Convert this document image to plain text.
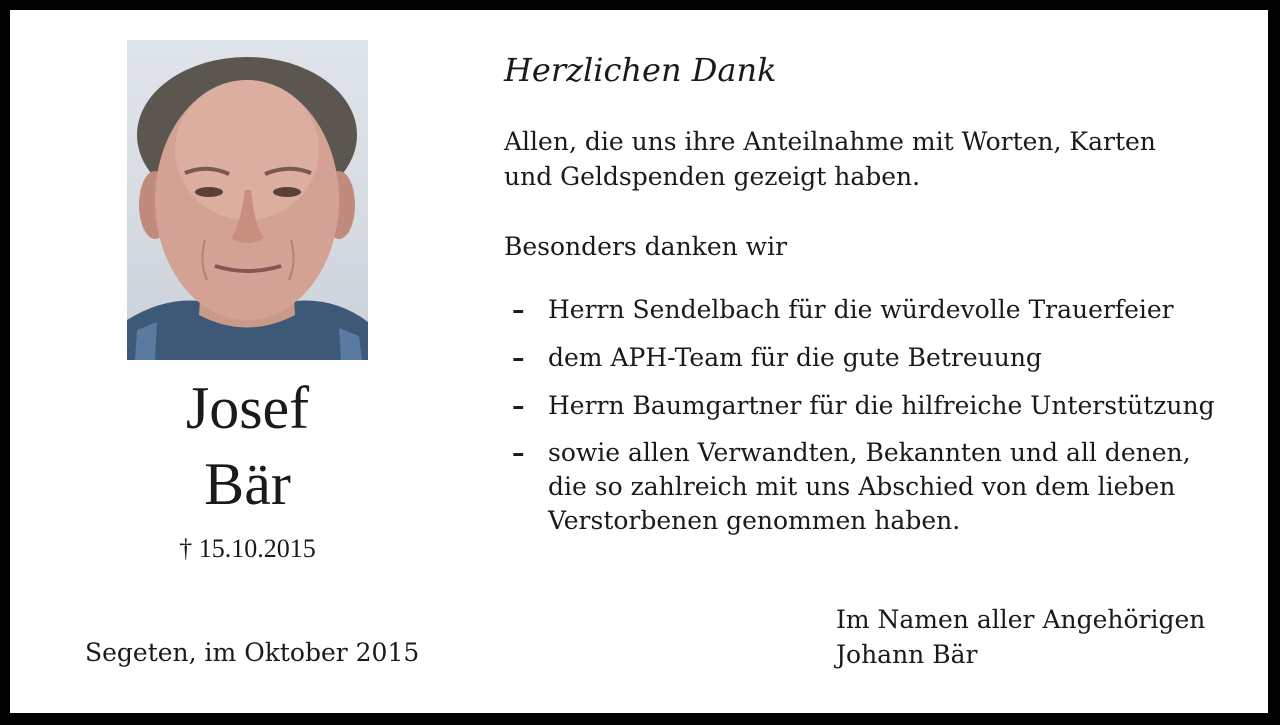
Josef
Bär
† 15.10.2015
Segeten, im Oktober 2015
Herzlichen Dank
Allen, die uns ihre Anteilnahme mit Worten, Karten
und Geldspenden gezeigt haben.
Besonders danken wir
– Herrn Sendelbach für die würdevolle Trauerfeier
– dem APH-Team für die gute Betreuung
– Herrn Baumgartner für die hilfreiche Unterstützung
– sowie allen Verwandten, Bekannten und all denen,
die so zahlreich mit uns Abschied von dem lieben
Verstorbenen genommen haben.
Im Namen aller Angehörigen
Johann Bär
